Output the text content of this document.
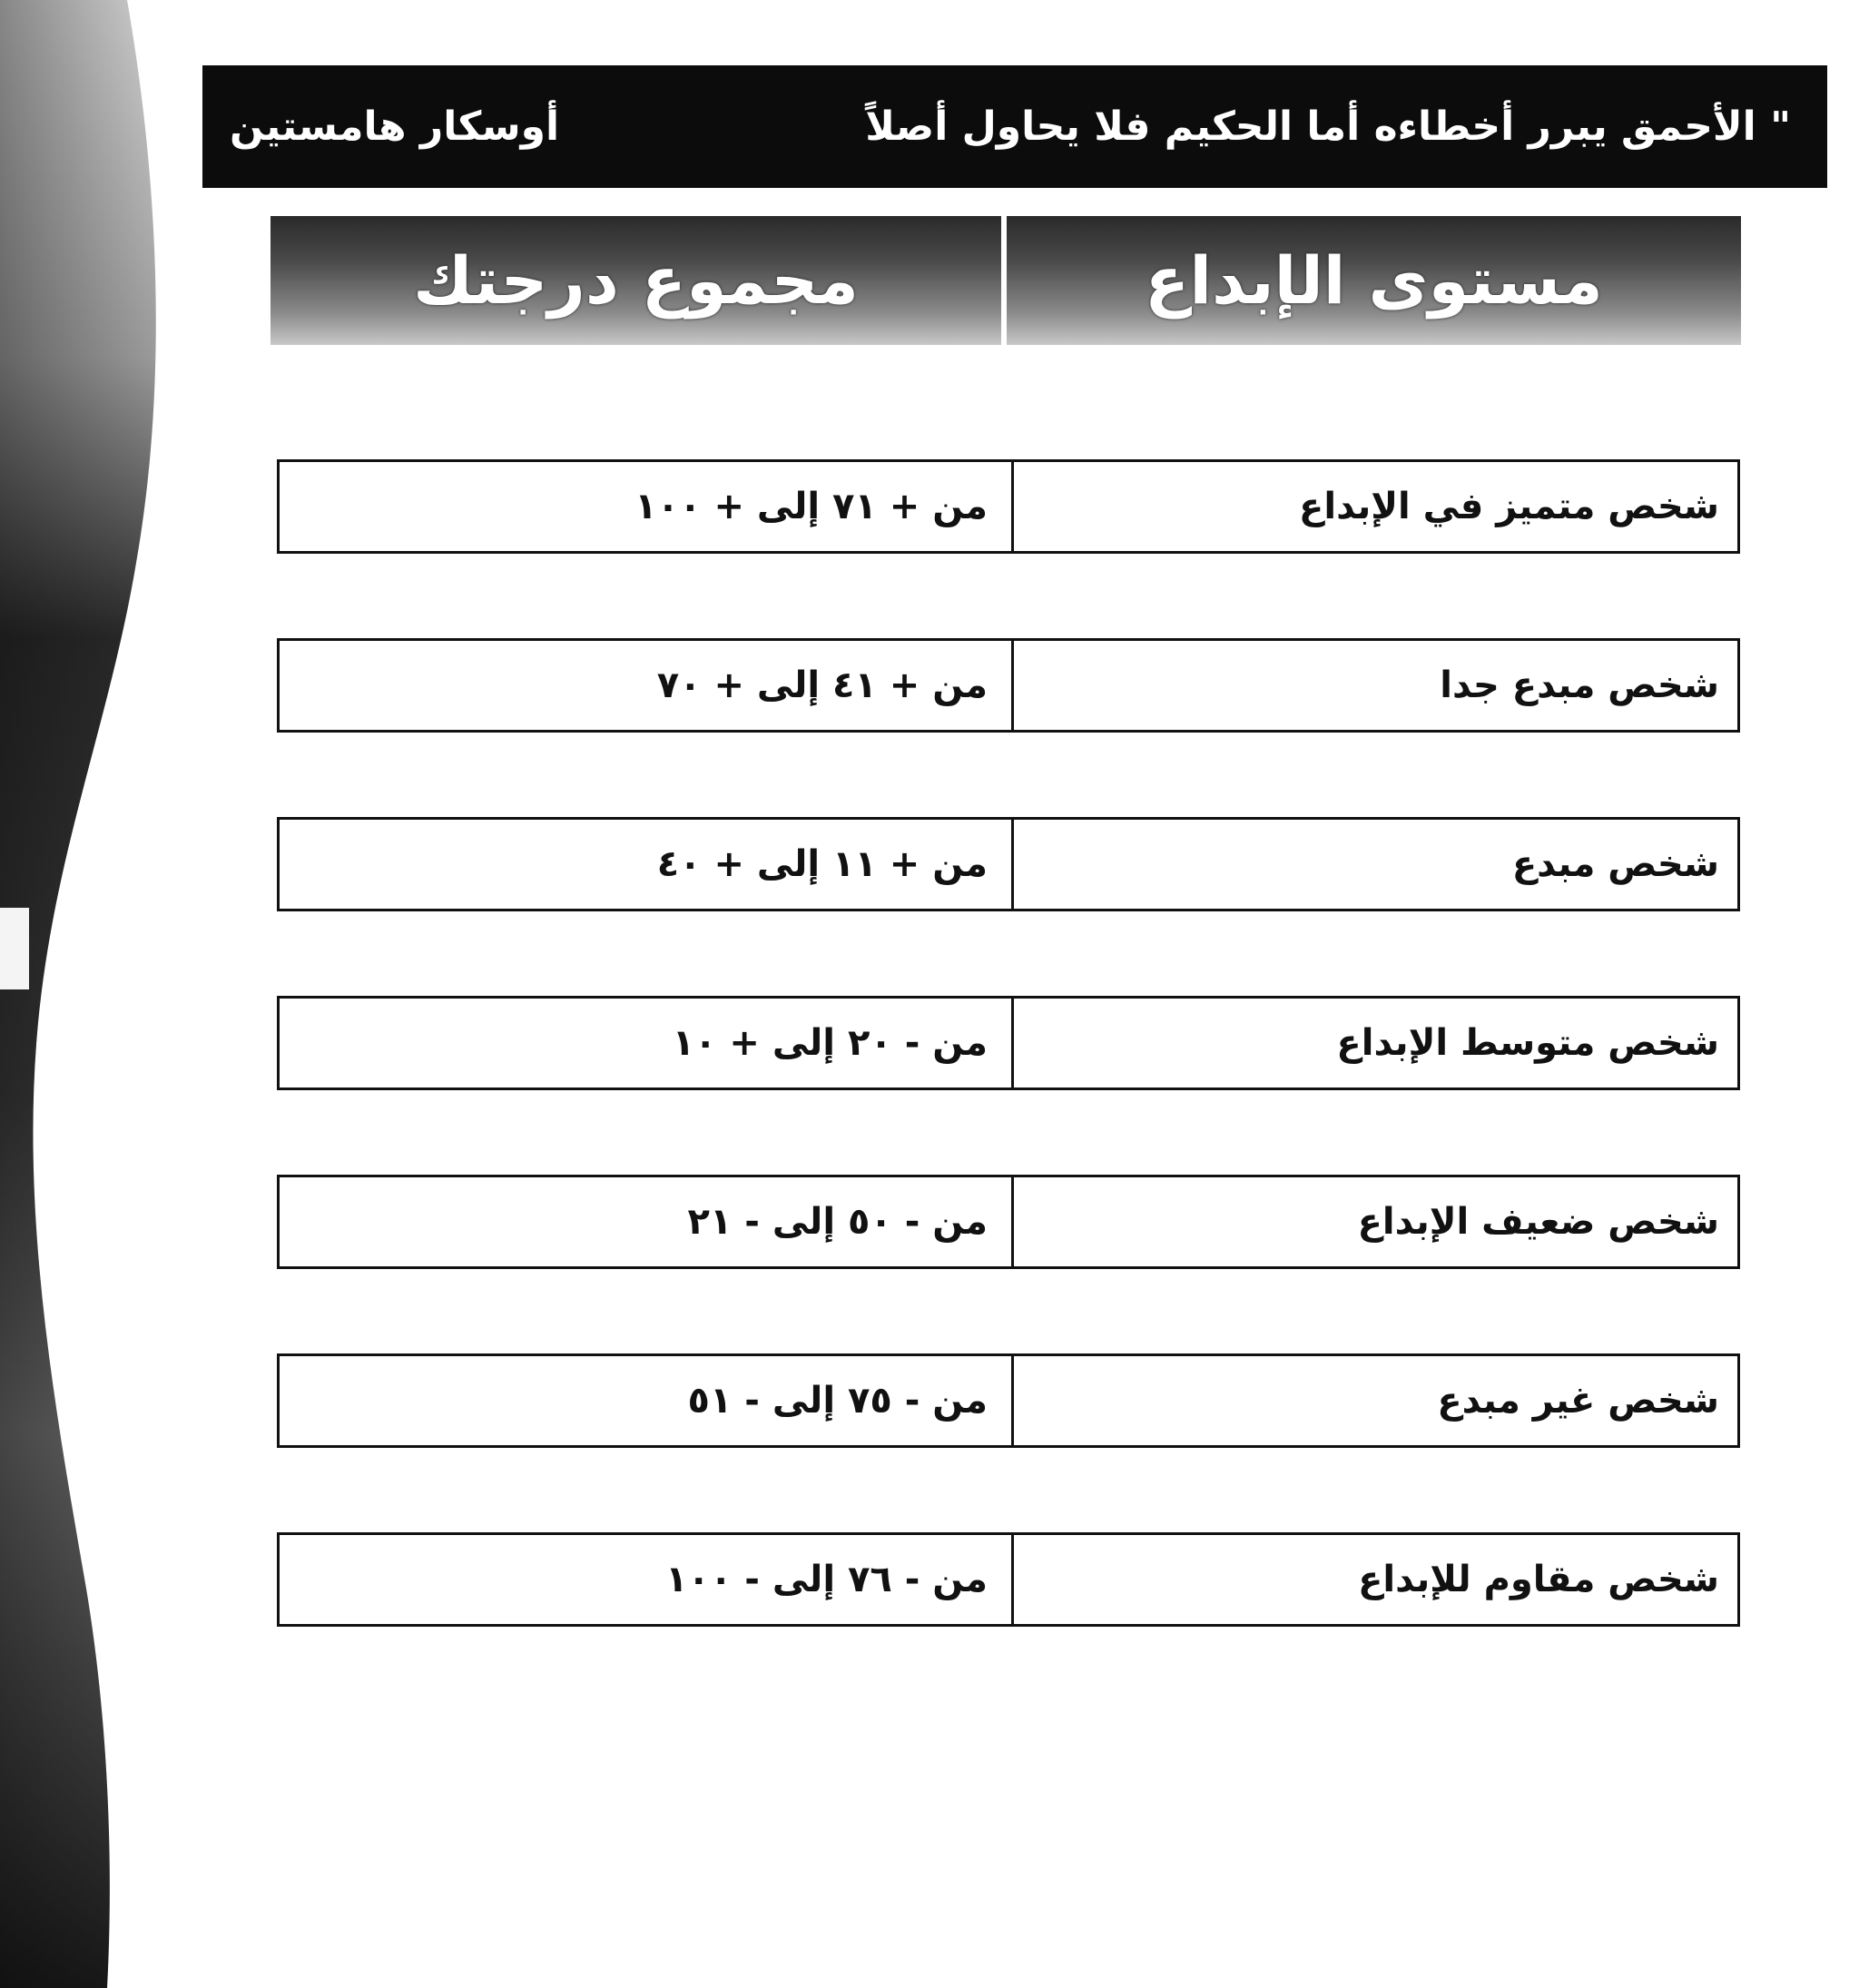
" الأحمق يبرر أخطاءه أما الحكيم فلا يحاول أصلاً
أوسكار هامستين
مستوى الإبداع
مجموع درجتك
شخص متميز في الإبداع
من + ٧١ إلى + ١٠٠
شخص مبدع جدا
من + ٤١ إلى + ٧٠
شخص مبدع
من + ١١ إلى + ٤٠
شخص متوسط الإبداع
من - ٢٠ إلى + ١٠
شخص ضعيف الإبداع
من - ٥٠ إلى - ٢١
شخص غير مبدع
من - ٧٥ إلى - ٥١
شخص مقاوم للإبداع
من - ٧٦ إلى - ١٠٠
